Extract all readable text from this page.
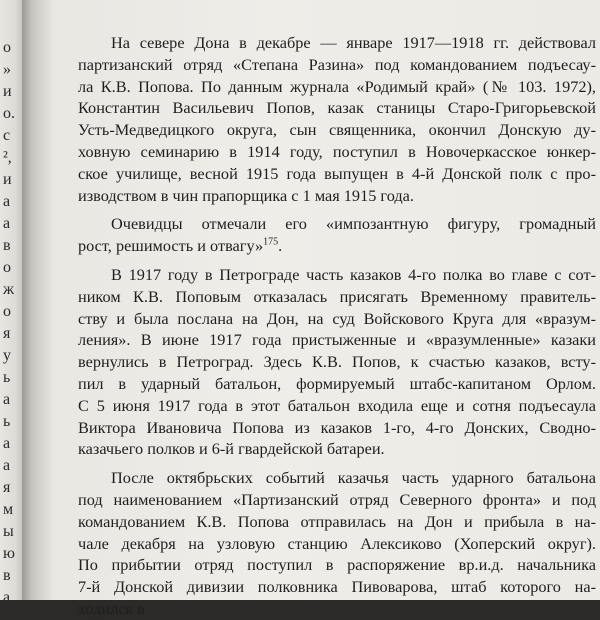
о
»
и
о.
с
²,
и
а
а
в
о
ж
о
я
у
ь
а
ь
а
а
я
м
ы
ю
в
а
На севере Дона в декабре — январе 1917—1918 гг. действовал
партизанский отряд «Степана Разина» под командованием подъесау-
ла К.В. Попова. По данным журнала «Родимый край» (№ 103. 1972),
Константин Васильевич Попов, казак станицы Старо-Григорьевской
Усть-Медведицкого округа, сын священника, окончил Донскую ду-
ховную семинарию в 1914 году, поступил в Новочеркасское юнкер-
ское училище, весной 1915 года выпущен в 4-й Донской полк с про-
изводством в чин прапорщика с 1 мая 1915 года.
Очевидцы отмечали его «импозантную фигуру, громадный
рост, решимость и отвагу»$^{175}$.
В 1917 году в Петрограде часть казаков 4-го полка во главе с сот-
ником К.В. Поповым отказалась присягать Временному правитель-
ству и была послана на Дон, на суд Войскового Круга для «вразум-
ления». В июне 1917 года пристыженные и «вразумленные» казаки
вернулись в Петроград. Здесь К.В. Попов, к счастью казаков, всту-
пил в ударный батальон, формируемый штабс-капитаном Орлом.
С 5 июня 1917 года в этот батальон входила еще и сотня подъесаула
Виктора Ивановича Попова из казаков 1-го, 4-го Донских, Сводно-
казачьего полков и 6-й гвардейской батареи.
После октябрьских событий казачья часть ударного батальона
под наименованием «Партизанский отряд Северного фронта» и под
командованием К.В. Попова отправилась на Дон и прибыла в на-
чале декабря на узловую станцию Алексиково (Хоперский округ).
По прибытии отряд поступил в распоряжение вр.и.д. начальника
7-й Донской дивизии полковника Пивоварова, штаб которого на-
ходился в
